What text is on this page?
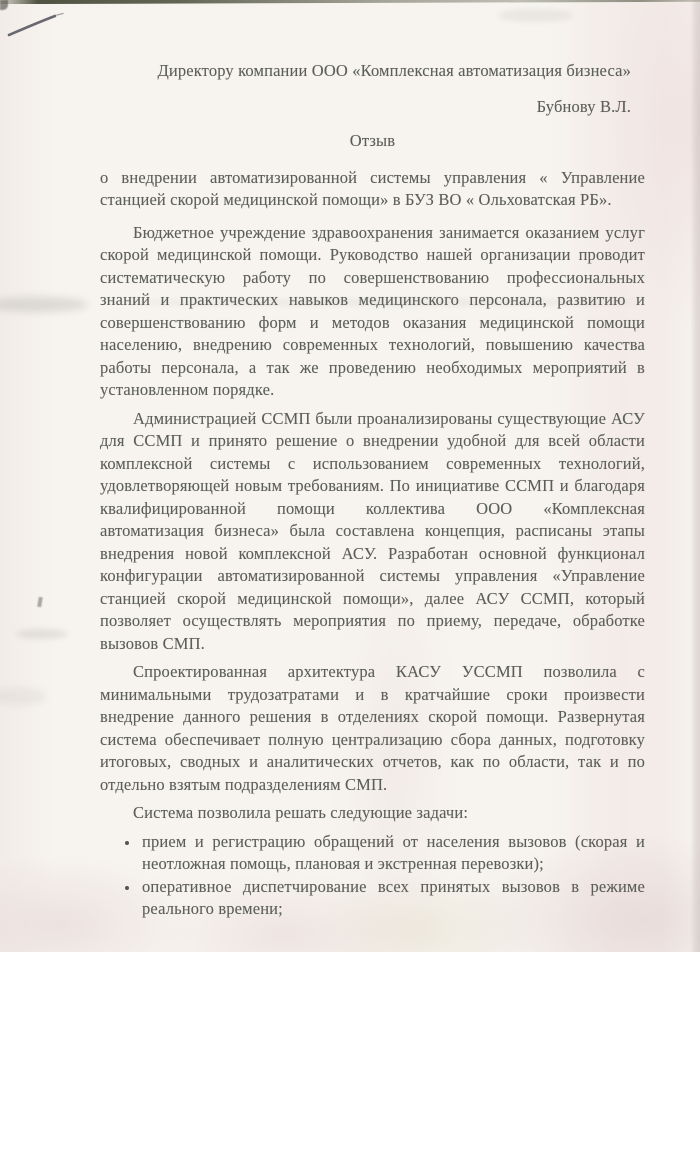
Директору компании ООО «Комплексная автоматизация бизнеса»
Бубнову В.Л.
Отзыв

о внедрении автоматизированной системы управления « Управление станцией скорой медицинской помощи» в БУЗ ВО « Ольховатская РБ».

Бюджетное учреждение здравоохранения занимается оказанием услуг скорой медицинской помощи. Руководство нашей организации проводит систематическую работу по совершенствованию профессиональных знаний и практических навыков медицинского персонала, развитию и совершенствованию форм и методов оказания медицинской помощи населению, внедрению современных технологий, повышению качества работы персонала, а так же проведению необходимых мероприятий в установленном порядке.

Администрацией ССМП были проанализированы существующие АСУ для ССМП и принято решение о внедрении удобной для всей области комплексной системы с использованием современных технологий, удовлетворяющей новым требованиям. По инициативе ССМП и благодаря квалифицированной помощи коллектива ООО «Комплексная автоматизация бизнеса» была составлена концепция, расписаны этапы внедрения новой комплексной АСУ. Разработан основной функционал конфигурации автоматизированной системы управления «Управление станцией скорой медицинской помощи», далее АСУ ССМП, который позволяет осуществлять мероприятия по приему, передаче, обработке вызовов СМП.

Спроектированная архитектура КАСУ УССМП позволила с минимальными трудозатратами и в кратчайшие сроки произвести внедрение данного решения в отделениях скорой помощи. Развернутая система обеспечивает полную централизацию сбора данных, подготовку итоговых, сводных и аналитических отчетов, как по области, так и по отдельно взятым подразделениям СМП.

Система позволила решать следующие задачи:

• прием и регистрацию обращений от населения вызовов (скорая и неотложная помощь, плановая и экстренная перевозки);
• оперативное диспетчирование всех принятых вызовов в режиме реального времени;
